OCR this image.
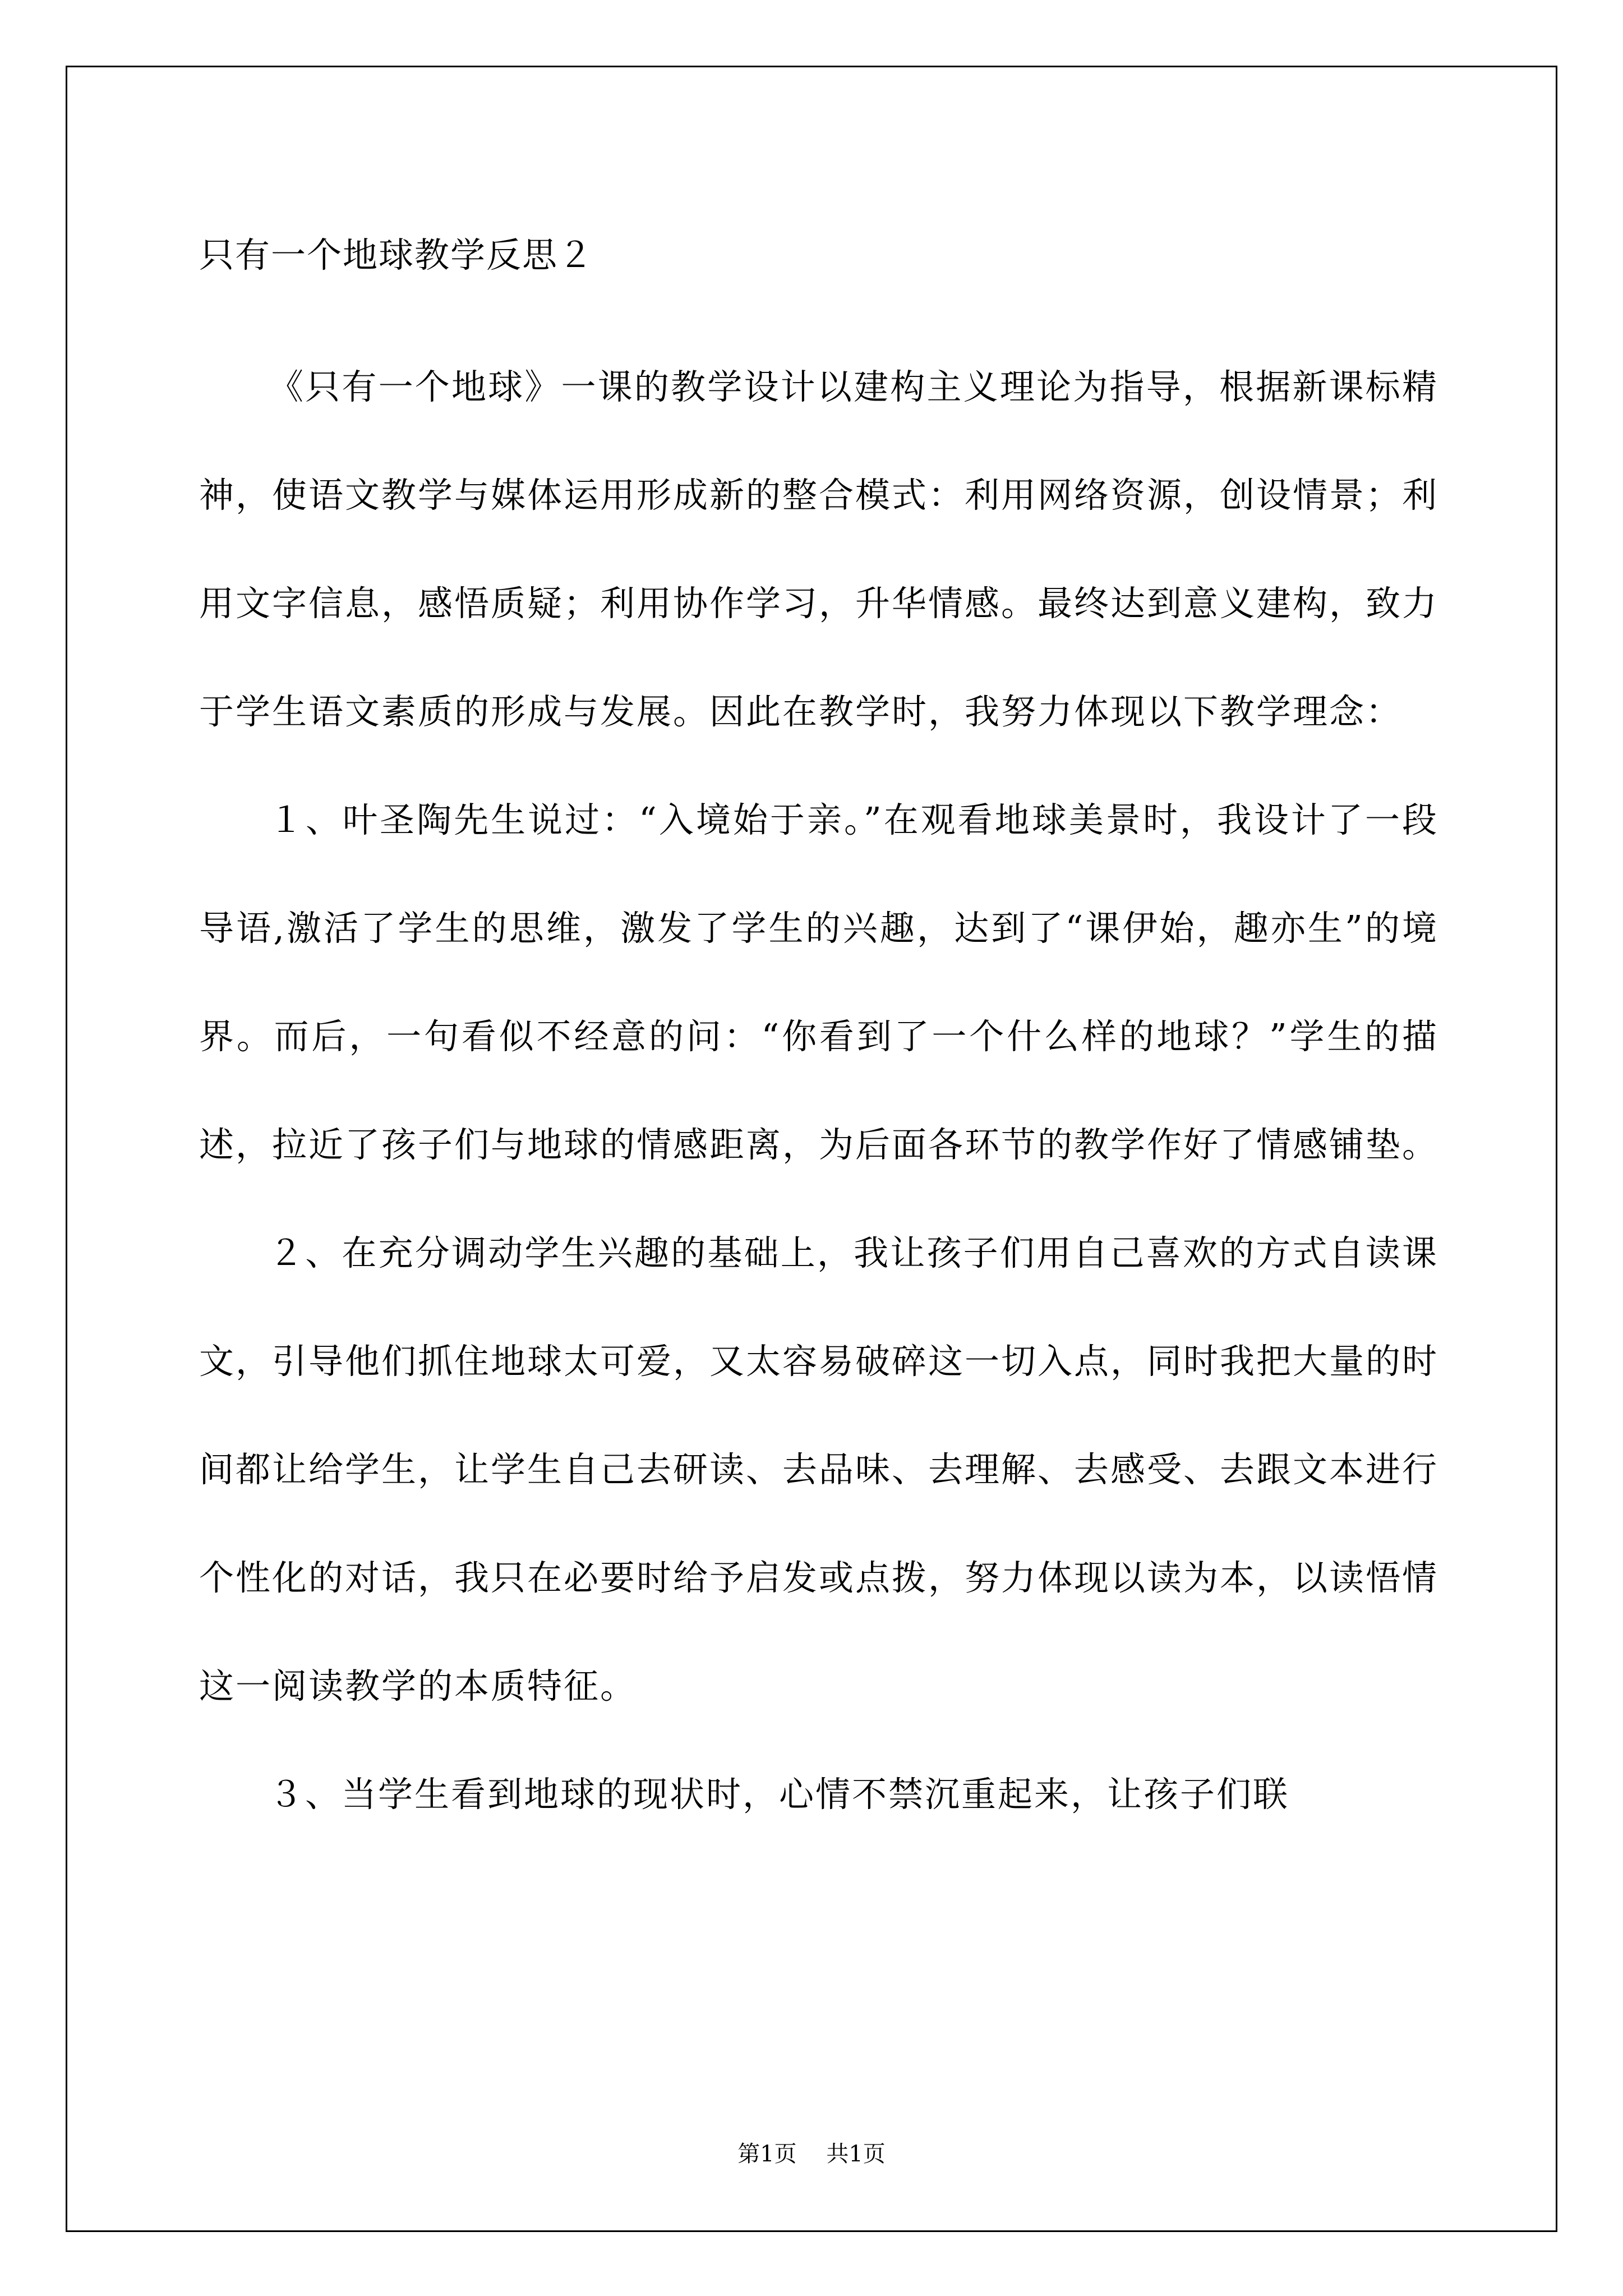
只有一个地球教学反思２

《只有一个地球》一课的教学设计以建构主义理论为指导，根据新课标精神，使语文教学与媒体运用形成新的整合模式：利用网络资源，创设情景；利用文字信息，感悟质疑；利用协作学习，升华情感。最终达到意义建构，致力于学生语文素质的形成与发展。因此在教学时，我努力体现以下教学理念：

１、叶圣陶先生说过：“入境始于亲。”在观看地球美景时，我设计了一段导语,激活了学生的思维，激发了学生的兴趣，达到了“课伊始，趣亦生”的境界。而后，一句看似不经意的问：“你看到了一个什么样的地球？”学生的描述，拉近了孩子们与地球的情感距离，为后面各环节的教学作好了情感铺垫。

２、在充分调动学生兴趣的基础上，我让孩子们用自己喜欢的方式自读课文，引导他们抓住地球太可爱，又太容易破碎这一切入点，同时我把大量的时间都让给学生，让学生自己去研读、去品味、去理解、去感受、去跟文本进行个性化的对话，我只在必要时给予启发或点拨，努力体现以读为本，以读悟情这一阅读教学的本质特征。

３、当学生看到地球的现状时，心情不禁沉重起来，让孩子们联

第1页 共1页
